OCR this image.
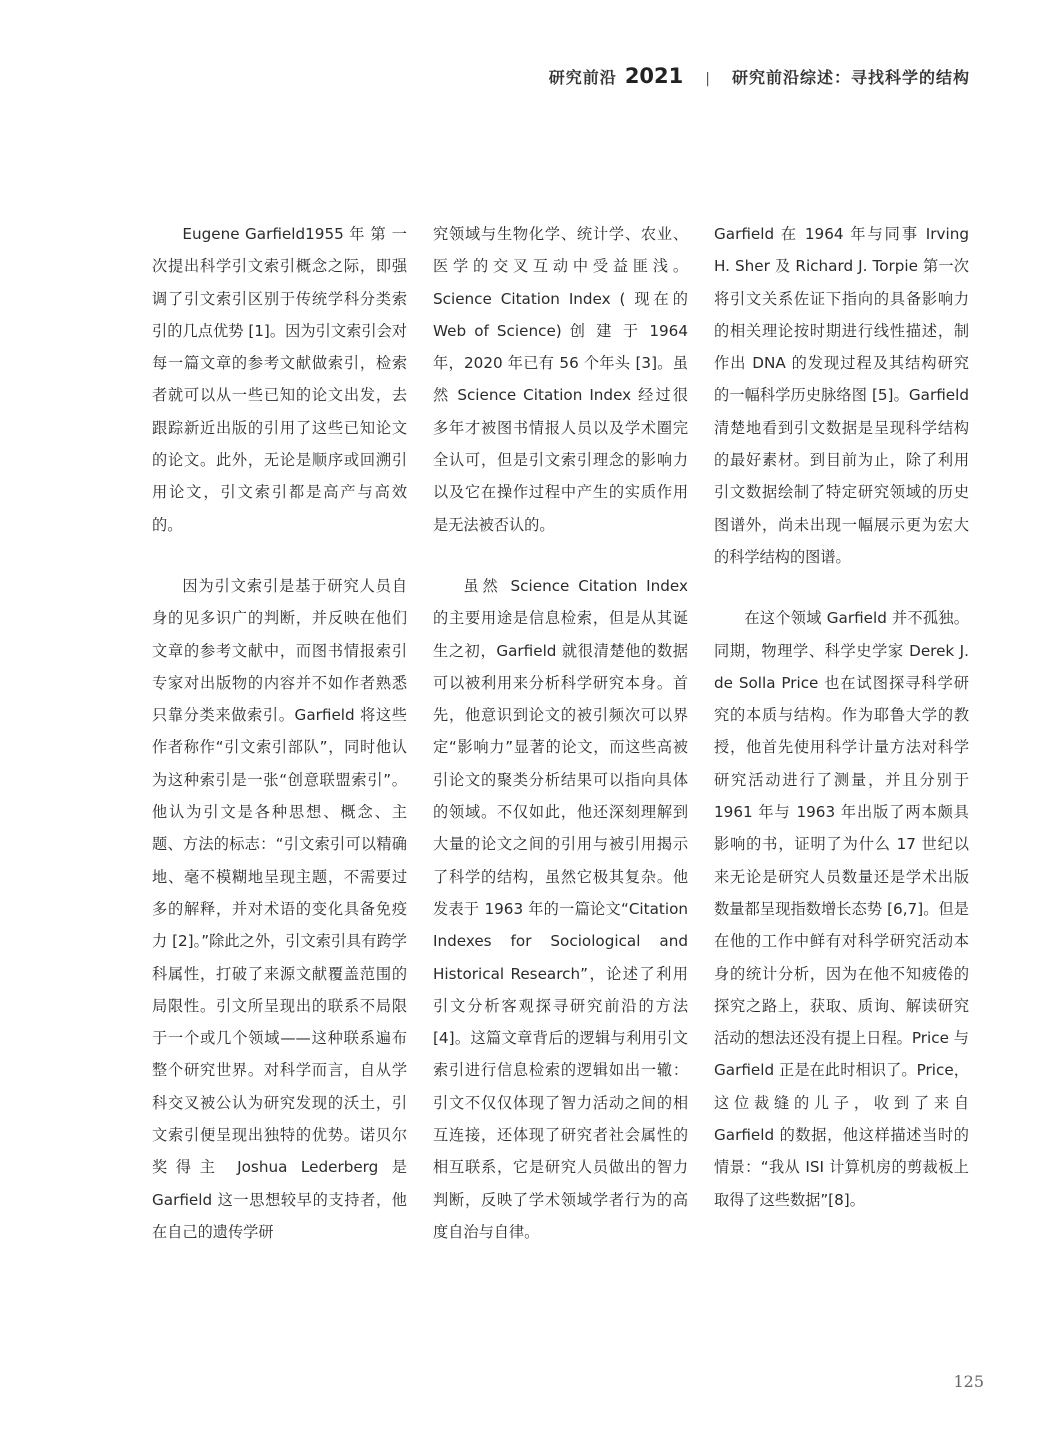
研究前沿 2021 | 研究前沿综述：寻找科学的结构

Eugene Garfield1955 年 第 一 次提出科学引文索引概念之际，即强调了引文索引区别于传统学科分类索引的几点优势 [1]。因为引文索引会对每一篇文章的参考文献做索引，检索者就可以从一些已知的论文出发，去跟踪新近出版的引用了这些已知论文的论文。此外，无论是顺序或回溯引用论文，引文索引都是高产与高效的。

因为引文索引是基于研究人员自身的见多识广的判断，并反映在他们文章的参考文献中，而图书情报索引专家对出版物的内容并不如作者熟悉只靠分类来做索引。Garfield 将这些作者称作“引文索引部队”，同时他认为这种索引是一张“创意联盟索引”。他认为引文是各种思想、概念、主题、方法的标志：“引文索引可以精确地、毫不模糊地呈现主题，不需要过多的解释，并对术语的变化具备免疫力 [2]。”除此之外，引文索引具有跨学科属性，打破了来源文献覆盖范围的局限性。引文所呈现出的联系不局限于一个或几个领域——这种联系遍布整个研究世界。对科学而言，自从学科交叉被公认为研究发现的沃土，引文索引便呈现出独特的优势。诺贝尔奖得主 Joshua Lederberg 是 Garfield 这一思想较早的支持者，他在自己的遗传学研

究领域与生物化学、统计学、农业、医学的交叉互动中受益匪浅。Science Citation Index ( 现在的 Web of Science) 创 建 于 1964 年，2020 年已有 56 个年头 [3]。虽然 Science Citation Index 经过很多年才被图书情报人员以及学术圈完全认可，但是引文索引理念的影响力以及它在操作过程中产生的实质作用是无法被否认的。

虽然 Science Citation Index 的主要用途是信息检索，但是从其诞生之初，Garfield 就很清楚他的数据可以被利用来分析科学研究本身。首先，他意识到论文的被引频次可以界定“影响力”显著的论文，而这些高被引论文的聚类分析结果可以指向具体的领域。不仅如此，他还深刻理解到大量的论文之间的引用与被引用揭示了科学的结构，虽然它极其复杂。他发表于 1963 年的一篇论文“Citation Indexes for Sociological and Historical Research”，论述了利用引文分析客观探寻研究前沿的方法 [4]。这篇文章背后的逻辑与利用引文索引进行信息检索的逻辑如出一辙：引文不仅仅体现了智力活动之间的相互连接，还体现了研究者社会属性的相互联系，它是研究人员做出的智力判断，反映了学术领域学者行为的高度自治与自律。

Garfield 在 1964 年与同事 Irving H. Sher 及 Richard J. Torpie 第一次将引文关系佐证下指向的具备影响力的相关理论按时期进行线性描述，制作出 DNA 的发现过程及其结构研究的一幅科学历史脉络图 [5]。Garfield 清楚地看到引文数据是呈现科学结构的最好素材。到目前为止，除了利用引文数据绘制了特定研究领域的历史图谱外，尚未出现一幅展示更为宏大的科学结构的图谱。

在这个领域 Garfield 并不孤独。同期，物理学、科学史学家 Derek J. de Solla Price 也在试图探寻科学研究的本质与结构。作为耶鲁大学的教授，他首先使用科学计量方法对科学研究活动进行了测量，并且分别于 1961 年与 1963 年出版了两本颇具影响的书，证明了为什么 17 世纪以来无论是研究人员数量还是学术出版数量都呈现指数增长态势 [6,7]。但是在他的工作中鲜有对科学研究活动本身的统计分析，因为在他不知疲倦的探究之路上，获取、质询、解读研究活动的想法还没有提上日程。Price 与 Garfield 正是在此时相识了。Price，这位裁缝的儿子，收到了来自 Garfield 的数据，他这样描述当时的情景：“我从 ISI 计算机房的剪裁板上取得了这些数据”[8]。

125
